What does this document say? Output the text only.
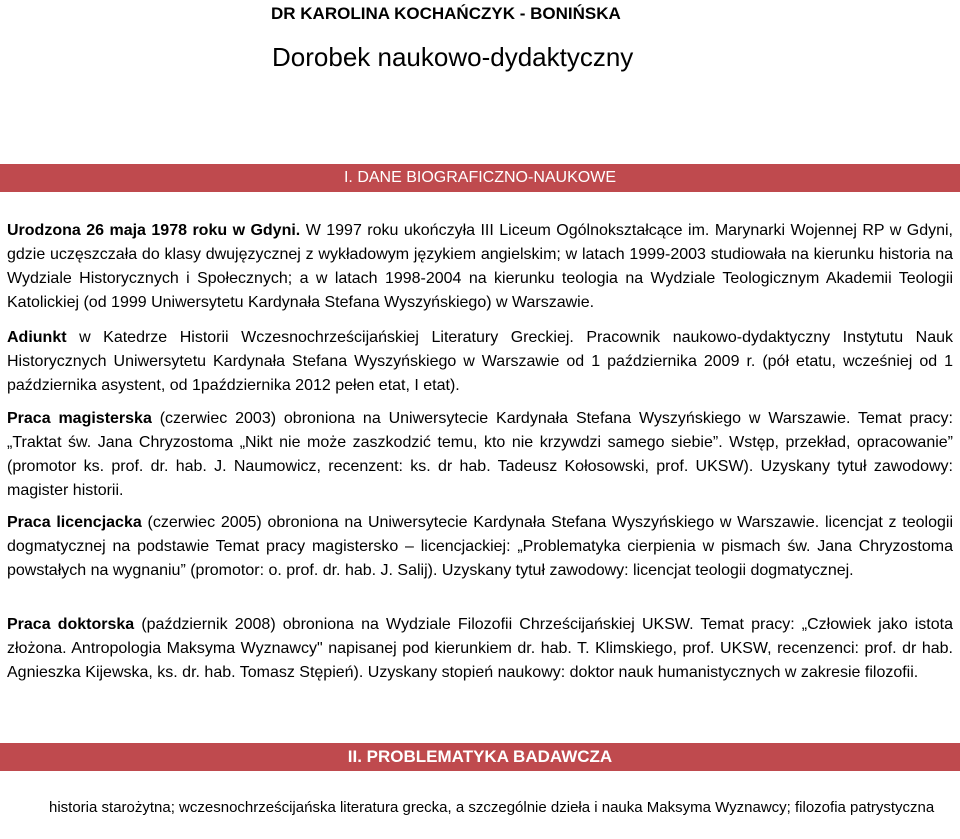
DR KAROLINA KOCHAŃCZYK - BONIŃSKA
Dorobek naukowo-dydaktyczny
I. DANE BIOGRAFICZNO-NAUKOWE
Urodzona 26 maja 1978 roku w Gdyni. W 1997 roku ukończyła III Liceum Ogólnokształcące im. Marynarki Wojennej RP w Gdyni, gdzie uczęszczała do klasy dwujęzycznej z wykładowym językiem angielskim; w latach 1999-2003 studiowała na kierunku historia na Wydziale Historycznych i Społecznych; a w latach 1998-2004 na kierunku teologia na Wydziale Teologicznym Akademii Teologii Katolickiej (od 1999 Uniwersytetu Kardynała Stefana Wyszyńskiego) w Warszawie.
Adiunkt w Katedrze Historii Wczesnochrześcijańskiej Literatury Greckiej. Pracownik naukowo-dydaktyczny Instytutu Nauk Historycznych Uniwersytetu Kardynała Stefana Wyszyńskiego w Warszawie od 1 października 2009 r. (pół etatu, wcześniej od 1 października asystent, od 1października 2012 pełen etat, I etat).
Praca magisterska (czerwiec 2003) obroniona na Uniwersytecie Kardynała Stefana Wyszyńskiego w Warszawie. Temat pracy: „Traktat św. Jana Chryzostoma „Nikt nie może zaszkodzić temu, kto nie krzywdzi samego siebie”. Wstęp, przekład, opracowanie” (promotor ks. prof. dr. hab. J. Naumowicz, recenzent: ks. dr hab. Tadeusz Kołosowski, prof. UKSW). Uzyskany tytuł zawodowy: magister historii.
Praca licencjacka (czerwiec 2005) obroniona na Uniwersytecie Kardynała Stefana Wyszyńskiego w Warszawie. licencjat z teologii dogmatycznej na podstawie Temat pracy magistersko – licencjackiej: „Problematyka cierpienia w pismach św. Jana Chryzostoma powstałych na wygnaniu” (promotor: o. prof. dr. hab. J. Salij). Uzyskany tytuł zawodowy: licencjat teologii dogmatycznej.
Praca doktorska (październik 2008) obroniona na Wydziale Filozofii Chrześcijańskiej UKSW. Temat pracy: „Człowiek jako istota złożona. Antropologia Maksyma Wyznawcy" napisanej pod kierunkiem dr. hab. T. Klimskiego, prof. UKSW, recenzenci: prof. dr hab. Agnieszka Kijewska, ks. dr. hab. Tomasz Stępień). Uzyskany stopień naukowy: doktor nauk humanistycznych w zakresie filozofii.
II. PROBLEMATYKA BADAWCZA
historia starożytna; wczesnochrześcijańska literatura grecka, a szczególnie dzieła i nauka Maksyma Wyznawcy; filozofia patrystyczna
